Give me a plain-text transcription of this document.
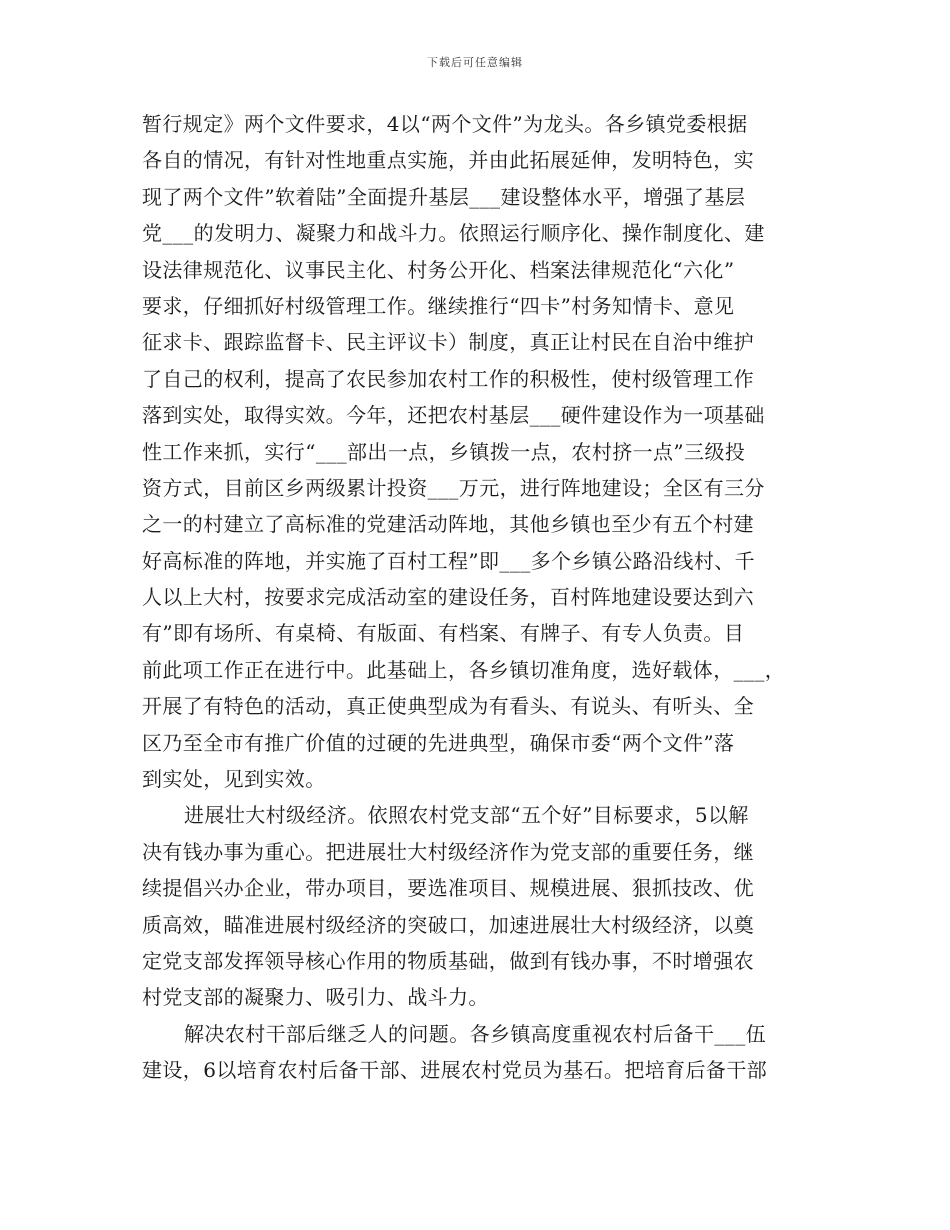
下载后可任意编辑
暂行规定》两个文件要求，4以“两个文件”为龙头。各乡镇党委根据
各自的情况，有针对性地重点实施，并由此拓展延伸，发明特色，实
现了两个文件”软着陆”全面提升基层___建设整体水平，增强了基层
党___的发明力、凝聚力和战斗力。依照运行顺序化、操作制度化、建
设法律规范化、议事民主化、村务公开化、档案法律规范化“六化”
要求，仔细抓好村级管理工作。继续推行“四卡”村务知情卡、意见
征求卡、跟踪监督卡、民主评议卡）制度，真正让村民在自治中维护
了自己的权利，提高了农民参加农村工作的积极性，使村级管理工作
落到实处，取得实效。今年，还把农村基层___硬件建设作为一项基础
性工作来抓，实行“___部出一点，乡镇拨一点，农村挤一点”三级投
资方式，目前区乡两级累计投资___万元，进行阵地建设；全区有三分
之一的村建立了高标准的党建活动阵地，其他乡镇也至少有五个村建
好高标准的阵地，并实施了百村工程”即___多个乡镇公路沿线村、千
人以上大村，按要求完成活动室的建设任务，百村阵地建设要达到六
有”即有场所、有桌椅、有版面、有档案、有牌子、有专人负责。目
前此项工作正在进行中。此基础上，各乡镇切准角度，选好载体，___，
开展了有特色的活动，真正使典型成为有看头、有说头、有听头、全
区乃至全市有推广价值的过硬的先进典型，确保市委“两个文件”落
到实处，见到实效。
进展壮大村级经济。依照农村党支部“五个好”目标要求，5以解
决有钱办事为重心。把进展壮大村级经济作为党支部的重要任务，继
续提倡兴办企业，带办项目，要选准项目、规模进展、狠抓技改、优
质高效，瞄准进展村级经济的突破口，加速进展壮大村级经济，以奠
定党支部发挥领导核心作用的物质基础，做到有钱办事，不时增强农
村党支部的凝聚力、吸引力、战斗力。
解决农村干部后继乏人的问题。各乡镇高度重视农村后备干___伍
建设，6以培育农村后备干部、进展农村党员为基石。把培育后备干部
